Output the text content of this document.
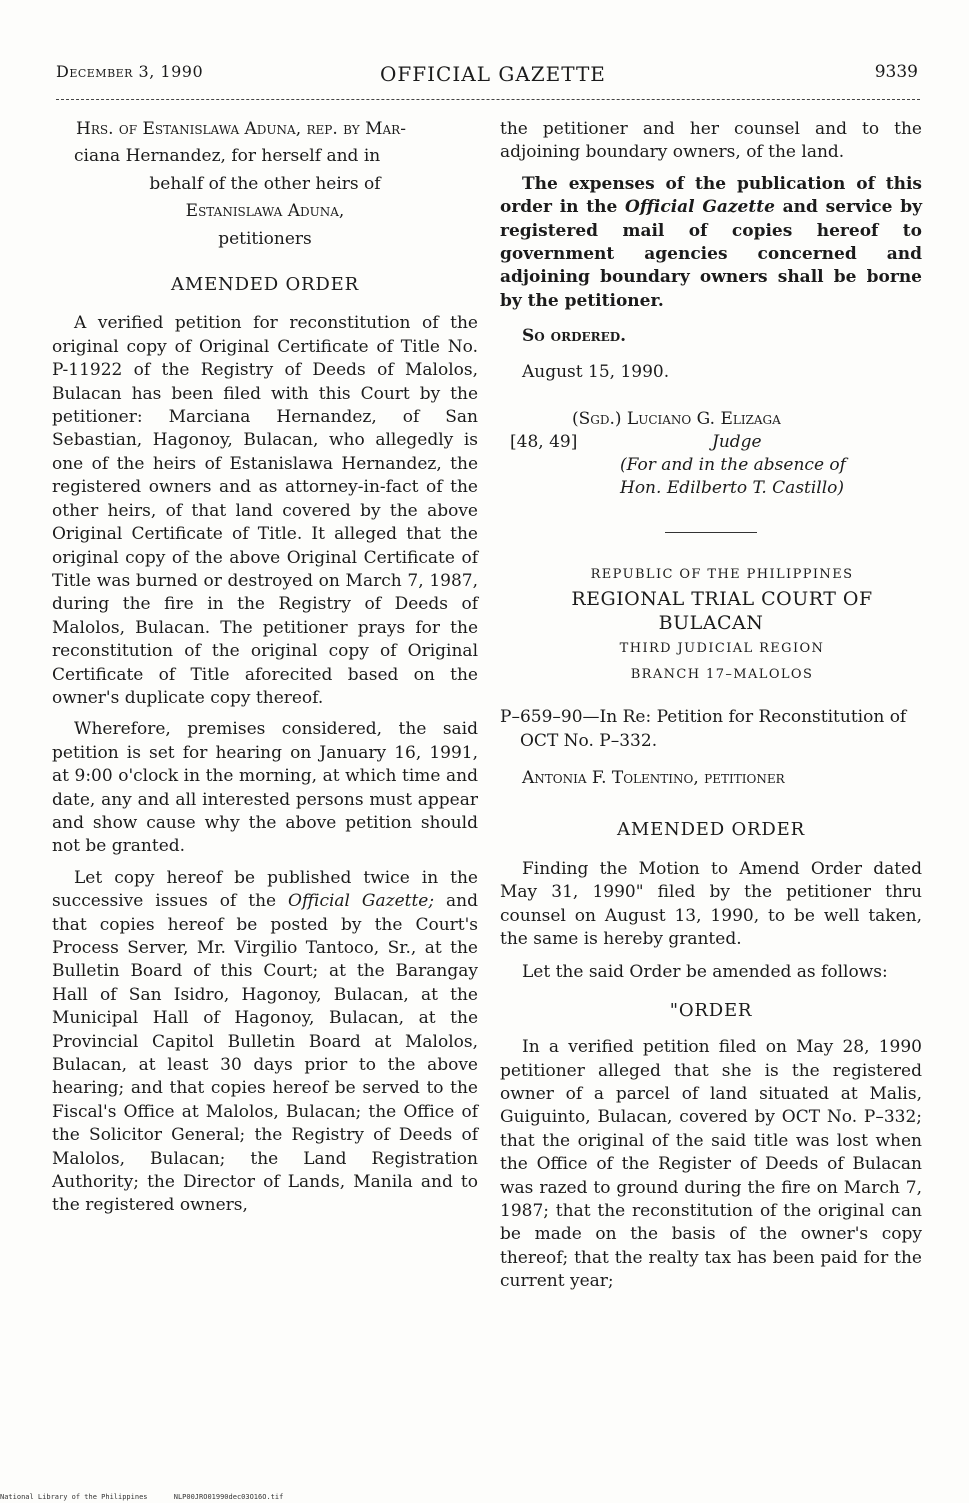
December 3, 1990	OFFICIAL GAZETTE	9339

Hrs. of Estanislawa Aduna, rep. by Mar-

ciana Hernandez, for herself and in

behalf of the other heirs of

Estanislawa Aduna,

petitioners

AMENDED ORDER

A verified petition for reconstitution of the original copy of Original Certificate of Title No. P-11922 of the Registry of Deeds of Malolos, Bulacan has been filed with this Court by the petitioner: Marciana Hernandez, of San Sebastian, Hagonoy, Bulacan, who allegedly is one of the heirs of Estanislawa Hernandez, the registered owners and as attorney-in-fact of the other heirs, of that land covered by the above Original Certificate of Title. It alleged that the original copy of the above Original Certificate of Title was burned or destroyed on March 7, 1987, during the fire in the Registry of Deeds of Malolos, Bulacan. The petitioner prays for the reconstitution of the original copy of Original Certificate of Title aforecited based on the owner's duplicate copy thereof.

Wherefore, premises considered, the said petition is set for hearing on January 16, 1991, at 9:00 o'clock in the morning, at which time and date, any and all interested persons must appear and show cause why the above petition should not be granted.

Let copy hereof be published twice in the successive issues of the Official Gazette; and that copies hereof be posted by the Court's Process Server, Mr. Virgilio Tantoco, Sr., at the Bulletin Board of this Court; at the Barangay Hall of San Isidro, Hagonoy, Bulacan, at the Municipal Hall of Hagonoy, Bulacan, at the Provincial Capitol Bulletin Board at Malolos, Bulacan, at least 30 days prior to the above hearing; and that copies hereof be served to the Fiscal's Office at Malolos, Bulacan; the Office of the Solicitor General; the Registry of Deeds of Malolos, Bulacan; the Land Registration Authority; the Director of Lands, Manila and to the registered owners,

the petitioner and her counsel and to the adjoining boundary owners, of the land.

The expenses of the publication of this order in the Official Gazette and service by registered mail of copies hereof to government agencies concerned and adjoining boundary owners shall be borne by the petitioner.

So ordered.

August 15, 1990.

(Sgd.) Luciano G. Elizaga
[48, 49]	Judge
(For and in the absence of
Hon. Edilberto T. Castillo)

REPUBLIC OF THE PHILIPPINES

REGIONAL TRIAL COURT OF BULACAN

THIRD JUDICIAL REGION

BRANCH 17–MALOLOS

P–659–90—In Re: Petition for Reconstitution of OCT No. P–332.

Antonia F. Tolentino, petitioner

AMENDED ORDER

Finding the Motion to Amend Order dated May 31, 1990" filed by the petitioner thru counsel on August 13, 1990, to be well taken, the same is hereby granted.

Let the said Order be amended as follows:

"ORDER

In a verified petition filed on May 28, 1990 petitioner alleged that she is the registered owner of a parcel of land situated at Malis, Guiguinto, Bulacan, covered by OCT No. P–332; that the original of the said title was lost when the Office of the Register of Deeds of Bulacan was razed to ground during the fire on March 7, 1987; that the reconstitution of the original can be made on the basis of the owner's copy thereof; that the realty tax has been paid for the current year;

National Library of the Philippines	NLP00JRO01990dec03O16O.tif
